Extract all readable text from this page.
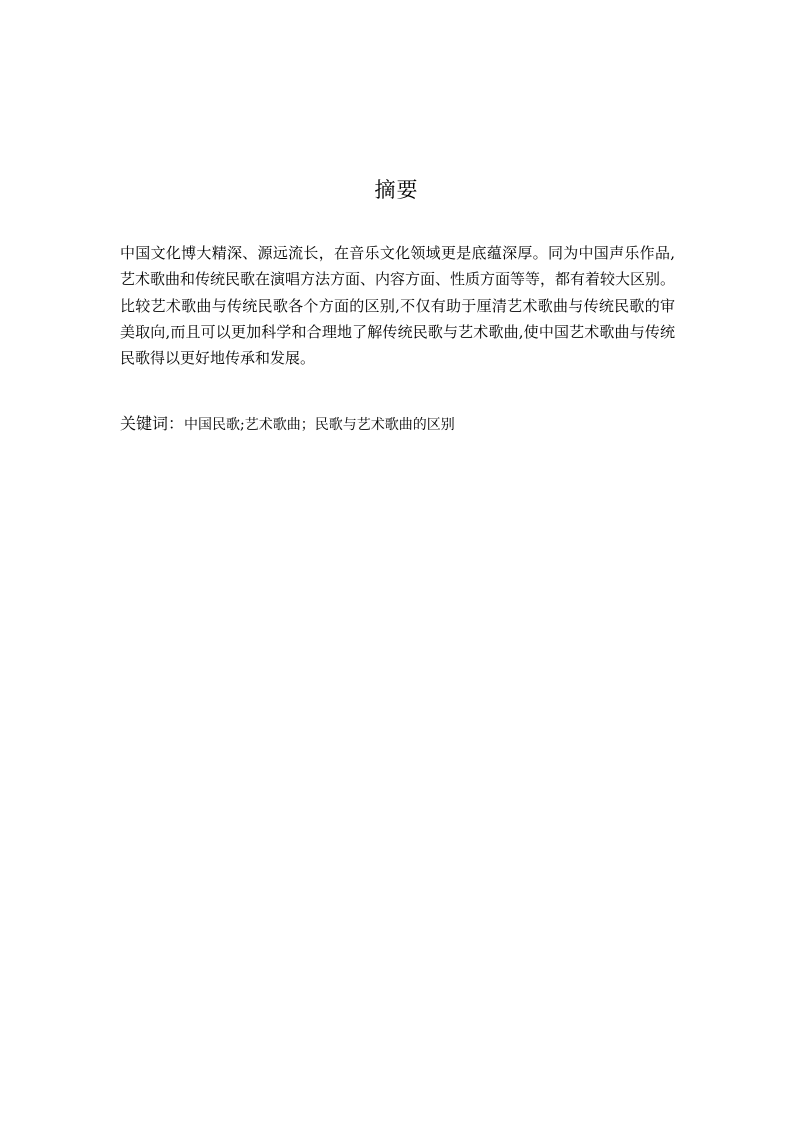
摘要

中国文化博大精深、源远流长，在音乐文化领域更是底蕴深厚。同为中国声乐作品,艺术歌曲和传统民歌在演唱方法方面、内容方面、性质方面等等，都有着较大区别。比较艺术歌曲与传统民歌各个方面的区别,不仅有助于厘清艺术歌曲与传统民歌的审美取向,而且可以更加科学和合理地了解传统民歌与艺术歌曲,使中国艺术歌曲与传统民歌得以更好地传承和发展。

关键词：中国民歌;艺术歌曲；民歌与艺术歌曲的区别
